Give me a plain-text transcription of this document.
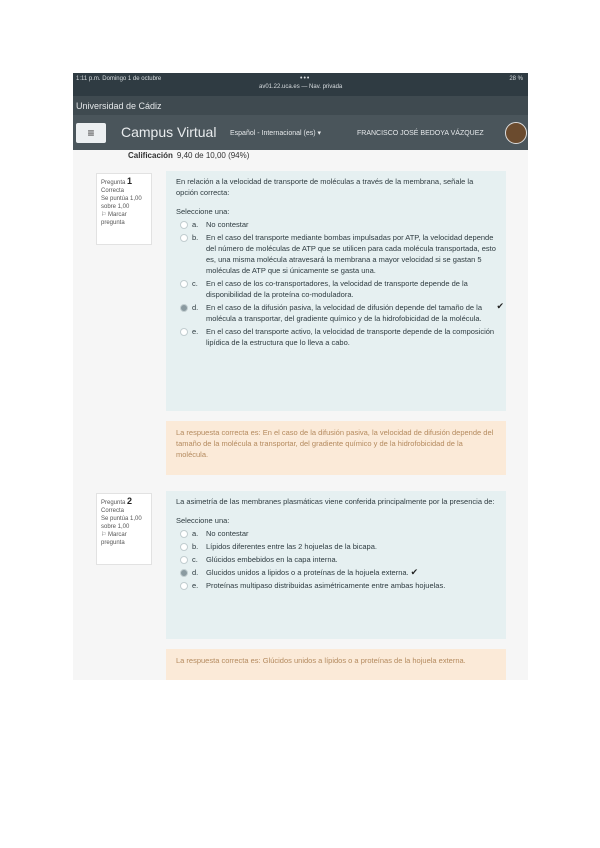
1:11 p.m. Domingo 1 de octubre	•••
av01.22.uca.es — Nav. privada
28 %
Universidad de Cádiz
≡	Campus Virtual Español - Internacional (es) ▾	FRANCISCO JOSÉ BEDOYA VÁZQUEZ
Calificación 9,40 de 10,00 (94%)
Pregunta 1
Correcta
Se puntúa 1,00
sobre 1,00
⚐ Marcar
pregunta
En relación a la velocidad de transporte de moléculas a través de la membrana, señale la opción correcta:
Seleccione una:
a. No contestar
b. En el caso del transporte mediante bombas impulsadas por ATP, la velocidad depende del número de moléculas de ATP que se utilicen para cada molécula transportada, esto es, una misma molécula atravesará la membrana a mayor velocidad si se gastan 5 moléculas de ATP que si únicamente se gasta una.
c. En el caso de los co-transportadores, la velocidad de transporte depende de la disponibilidad de la proteína co-moduladora.
d. En el caso de la difusión pasiva, la velocidad de difusión depende del tamaño de la molécula a transportar, del gradiente químico y de la hidrofobicidad de la molécula.
✔
e. En el caso del transporte activo, la velocidad de transporte depende de la composición lipídica de la estructura que lo lleva a cabo.
La respuesta correcta es: En el caso de la difusión pasiva, la velocidad de difusión depende del tamaño de la molécula a transportar, del gradiente químico y de la hidrofobicidad de la molécula.
Pregunta 2
Correcta
Se puntúa 1,00
sobre 1,00
⚐ Marcar
pregunta
La asimetría de las membranes plasmáticas viene conferida principalmente por la presencia de:
Seleccione una:
a. No contestar
b. Lípidos diferentes entre las 2 hojuelas de la bicapa.
c. Glúcidos embebidos en la capa interna.
d. Glucidos unidos a lipidos o a proteínas de la hojuela externa. ✔
e. Proteínas multipaso distribuidas asimétricamente entre ambas hojuelas.
La respuesta correcta es: Glúcidos unidos a lípidos o a proteínas de la hojuela externa.
